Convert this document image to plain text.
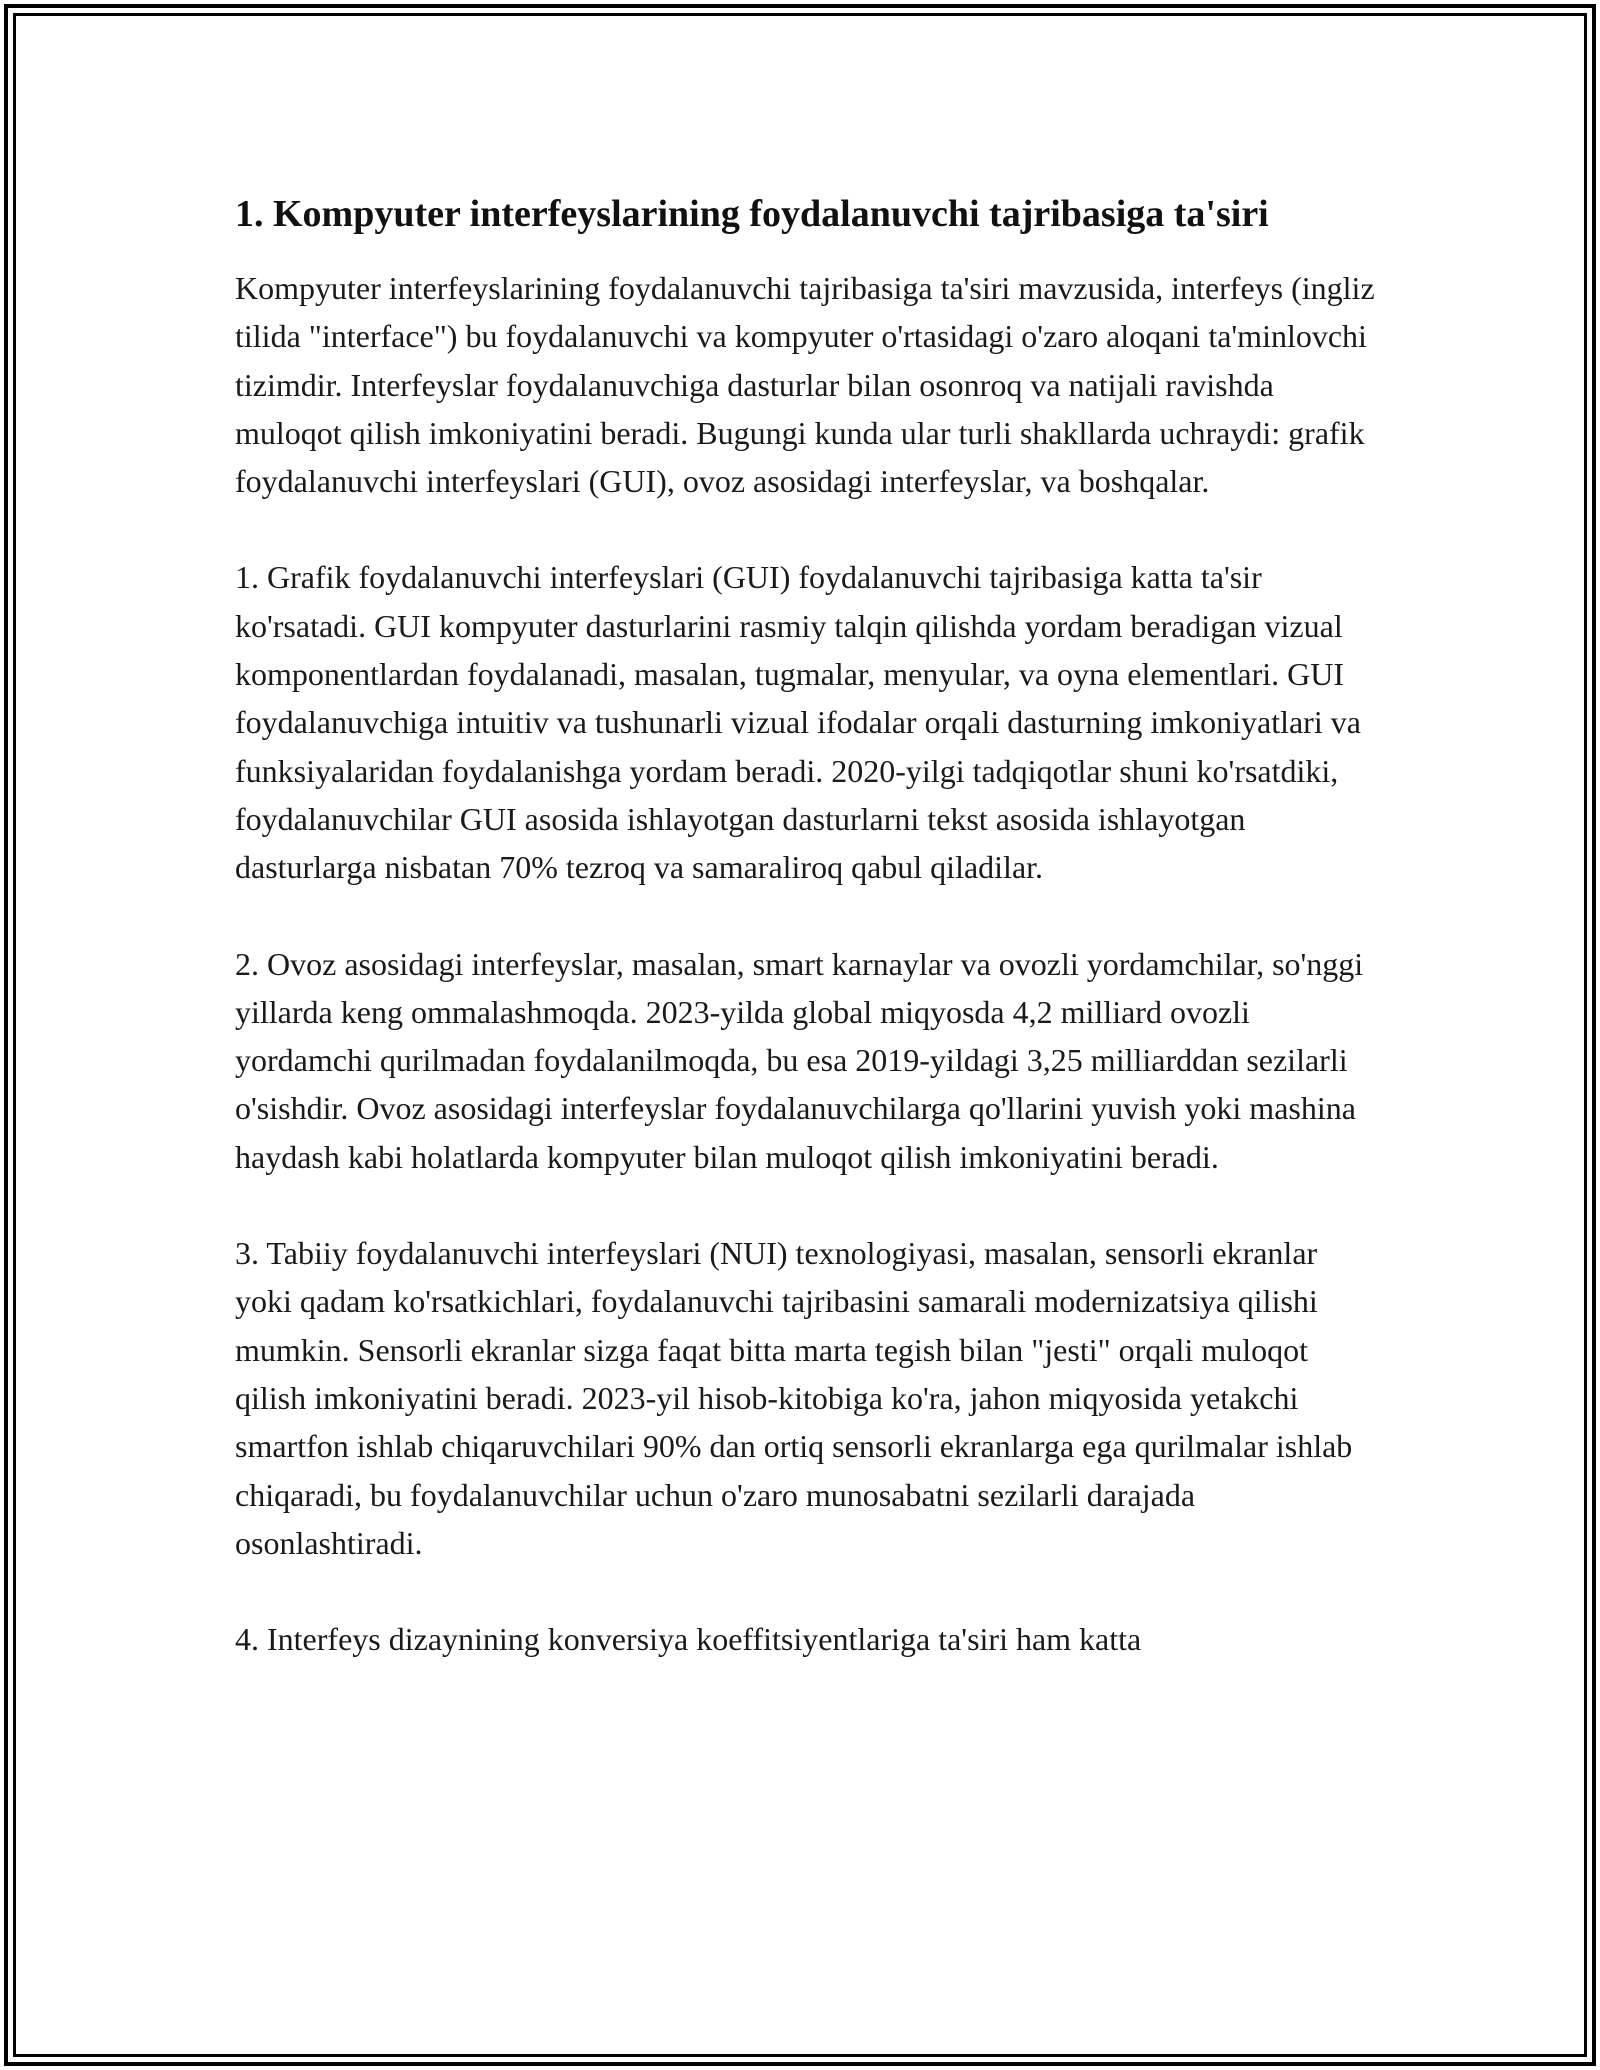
1. Kompyuter interfeyslarining foydalanuvchi tajribasiga ta'siri

Kompyuter interfeyslarining foydalanuvchi tajribasiga ta'siri mavzusida, interfeys (ingliz tilida "interface") bu foydalanuvchi va kompyuter o'rtasidagi o'zaro aloqani ta'minlovchi tizimdir. Interfeyslar foydalanuvchiga dasturlar bilan osonroq va natijali ravishda muloqot qilish imkoniyatini beradi. Bugungi kunda ular turli shakllarda uchraydi: grafik foydalanuvchi interfeyslari (GUI), ovoz asosidagi interfeyslar, va boshqalar.

1. Grafik foydalanuvchi interfeyslari (GUI) foydalanuvchi tajribasiga katta ta'sir ko'rsatadi. GUI kompyuter dasturlarini rasmiy talqin qilishda yordam beradigan vizual komponentlardan foydalanadi, masalan, tugmalar, menyular, va oyna elementlari. GUI foydalanuvchiga intuitiv va tushunarli vizual ifodalar orqali dasturning imkoniyatlari va funksiyalaridan foydalanishga yordam beradi. 2020-yilgi tadqiqotlar shuni ko'rsatdiki, foydalanuvchilar GUI asosida ishlayotgan dasturlarni tekst asosida ishlayotgan dasturlarga nisbatan 70% tezroq va samaraliroq qabul qiladilar.

2. Ovoz asosidagi interfeyslar, masalan, smart karnaylar va ovozli yordamchilar, so'nggi yillarda keng ommalashmoqda. 2023-yilda global miqyosda 4,2 milliard ovozli yordamchi qurilmadan foydalanilmoqda, bu esa 2019-yildagi 3,25 milliarddan sezilarli o'sishdir. Ovoz asosidagi interfeyslar foydalanuvchilarga qo'llarini yuvish yoki mashina haydash kabi holatlarda kompyuter bilan muloqot qilish imkoniyatini beradi.

3. Tabiiy foydalanuvchi interfeyslari (NUI) texnologiyasi, masalan, sensorli ekranlar yoki qadam ko'rsatkichlari, foydalanuvchi tajribasini samarali modernizatsiya qilishi mumkin. Sensorli ekranlar sizga faqat bitta marta tegish bilan "jesti" orqali muloqot qilish imkoniyatini beradi. 2023-yil hisob-kitobiga ko'ra, jahon miqyosida yetakchi smartfon ishlab chiqaruvchilari 90% dan ortiq sensorli ekranlarga ega qurilmalar ishlab chiqaradi, bu foydalanuvchilar uchun o'zaro munosabatni sezilarli darajada osonlashtiradi.

4. Interfeys dizaynining konversiya koeffitsiyentlariga ta'siri ham katta
